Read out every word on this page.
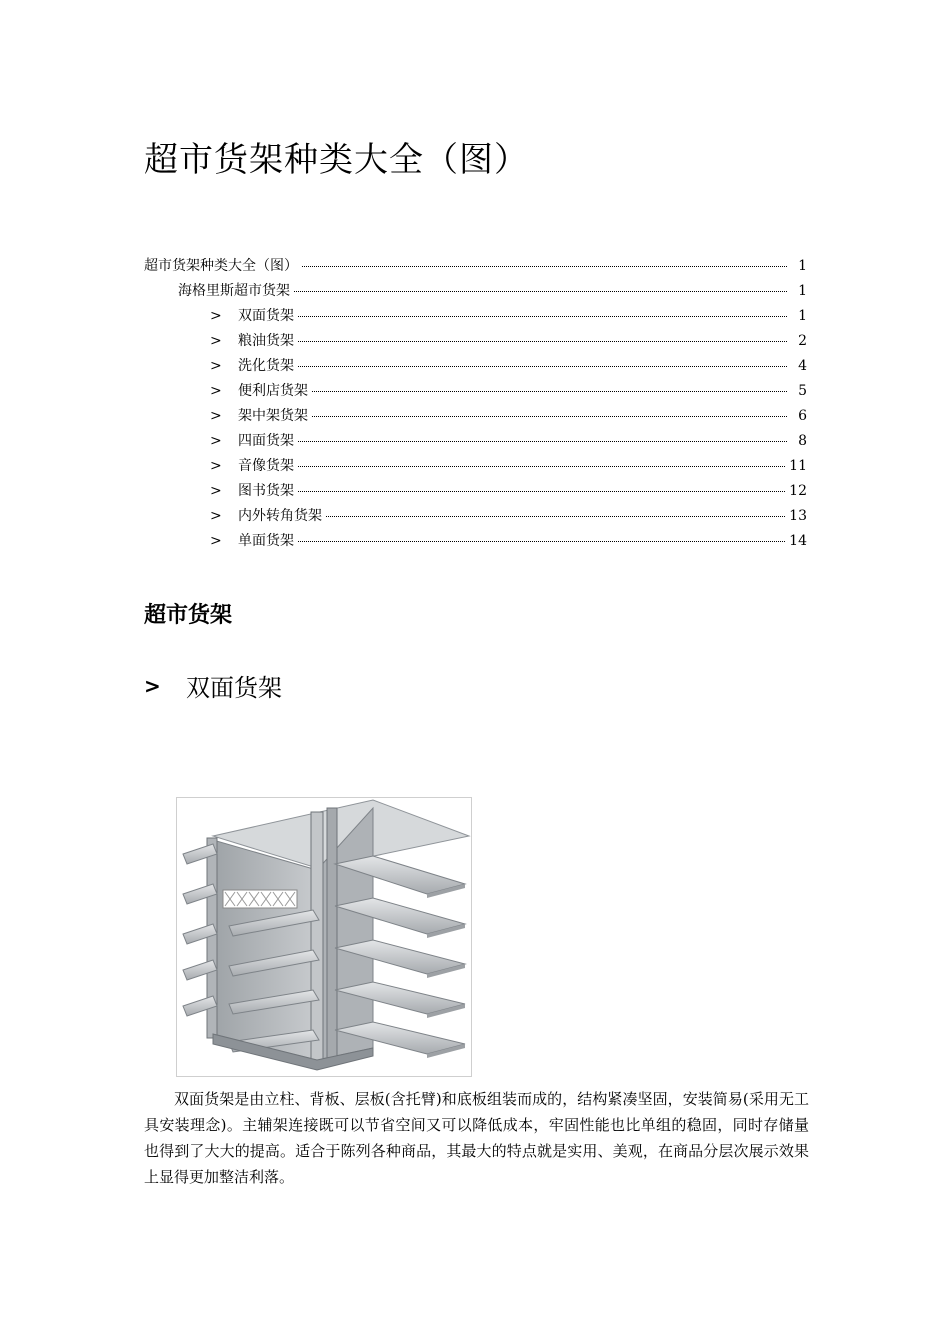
超市货架种类大全（图）
超市货架种类大全（图）	1
海格里斯超市货架	1
>	双面货架	1
>	粮油货架	2
>	洗化货架	4
>	便利店货架	5
>	架中架货架	6
>	四面货架	8
>	音像货架	11
>	图书货架	12
>	内外转角货架	13
>	单面货架	14
超市货架
>	双面货架

双面货架是由立柱、背板、层板(含托臂)和底板组装而成的，结构紧凑坚固，安装简易(采用无工具安装理念)。主辅架连接既可以节省空间又可以降低成本，牢固性能也比单组的稳固，同时存储量也得到了大大的提高。适合于陈列各种商品，其最大的特点就是实用、美观，在商品分层次展示效果上显得更加整洁利落。
